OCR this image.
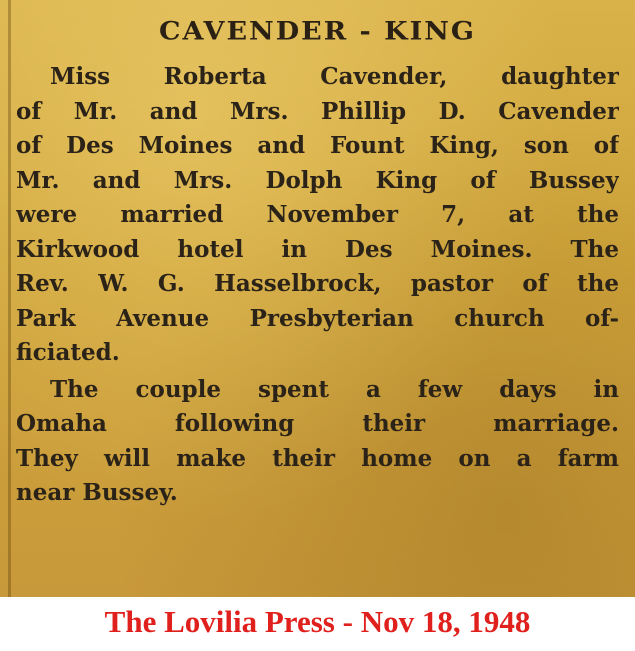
CAVENDER - KING
Miss Roberta Cavender, daughter
of Mr. and Mrs. Phillip D. Cavender
of Des Moines and Fount King, son of
Mr. and Mrs. Dolph King of Bussey
were married November 7, at the
Kirkwood hotel in Des Moines. The
Rev. W. G. Hasselbrock, pastor of the
Park Avenue Presbyterian church of-
ficiated.
The couple spent a few days in
Omaha following their marriage.
They will make their home on a farm
near Bussey.
The Lovilia Press - Nov 18, 1948
